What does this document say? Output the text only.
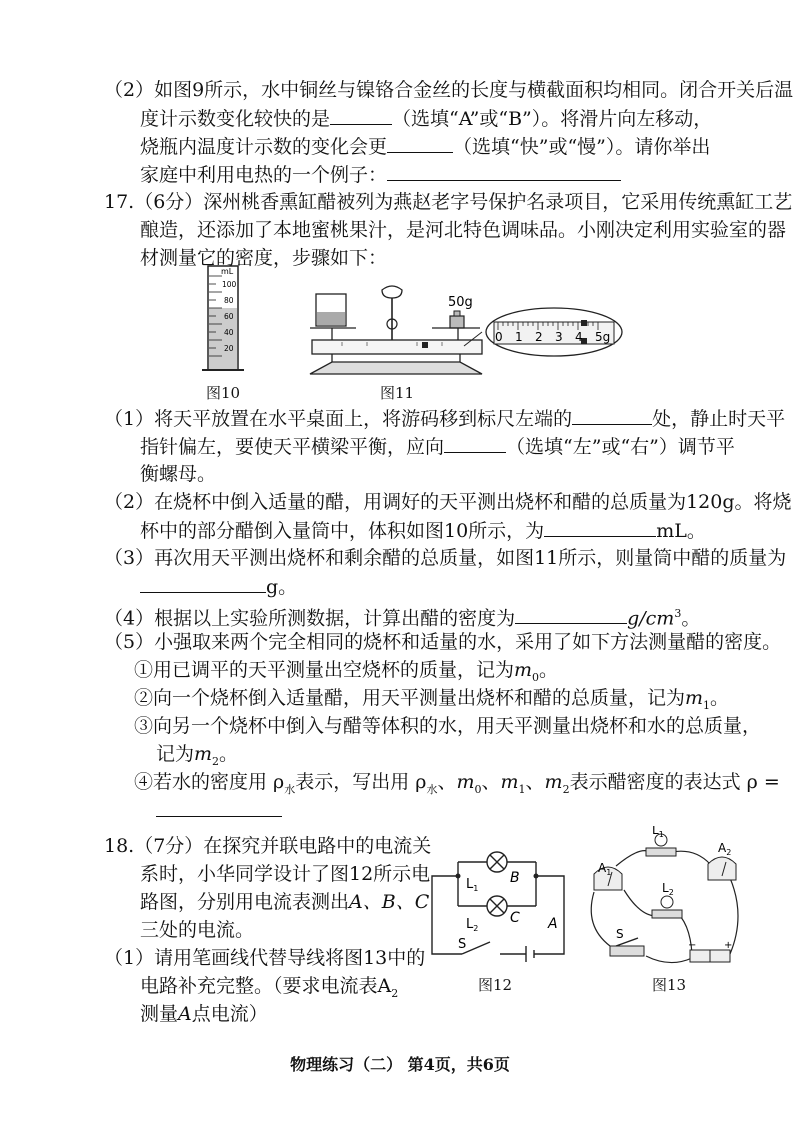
（2）如图9所示，水中铜丝与镍铬合金丝的长度与横截面积均相同。闭合开关后温
度计示数变化较快的是	（选填“A”或“B”）。将滑片向左移动，
烧瓶内温度计示数的变化会更	（选填“快”或“慢”）。请你举出
家庭中利用电热的一个例子：
17.（6分）深州桃香熏缸醋被列为燕赵老字号保护名录项目，它采用传统熏缸工艺
酿造，还添加了本地蜜桃果汁，是河北特色调味品。小刚决定利用实验室的器
材测量它的密度，步骤如下：
mL
100
80
60
40
20
图10
50g
0 1 2 3 4 5g
图11
（1）将天平放置在水平桌面上，将游码移到标尺左端的	处，静止时天平
指针偏左，要使天平横梁平衡，应向	（选填“左”或“右”）调节平
衡螺母。
（2）在烧杯中倒入适量的醋，用调好的天平测出烧杯和醋的总质量为120g。将烧
杯中的部分醋倒入量筒中，体积如图10所示，为	mL。
（3）再次用天平测出烧杯和剩余醋的总质量，如图11所示，则量筒中醋的质量为
g。
（4）根据以上实验所测数据，计算出醋的密度为	$g/cm^3$。
（5）小强取来两个完全相同的烧杯和适量的水，采用了如下方法测量醋的密度。
①用已调平的天平测量出空烧杯的质量，记为$m_0$。
②向一个烧杯倒入适量醋，用天平测量出烧杯和醋的总质量，记为$m_1$。
③向另一个烧杯中倒入与醋等体积的水，用天平测量出烧杯和水的总质量，
记为$m_2$。
④若水的密度用 $\rho_水$表示，写出用 $\rho_水$、$m_0$、$m_1$、$m_2$表示醋密度的表达式 ρ =
18.（7分）在探究并联电路中的电流关
系时，小华同学设计了图12所示电
路图，分别用电流表测出A、B、C
三处的电流。
（1）请用笔画线代替导线将图13中的
电路补充完整。（要求电流表$A_2$
测量A点电流）
$L_1$
$L_2$
B
C A
S
图12
−	+
$L_1$
$L_2$
$A_1$
$A_2$
S
图13
物理练习（二） 第4页，共6页
